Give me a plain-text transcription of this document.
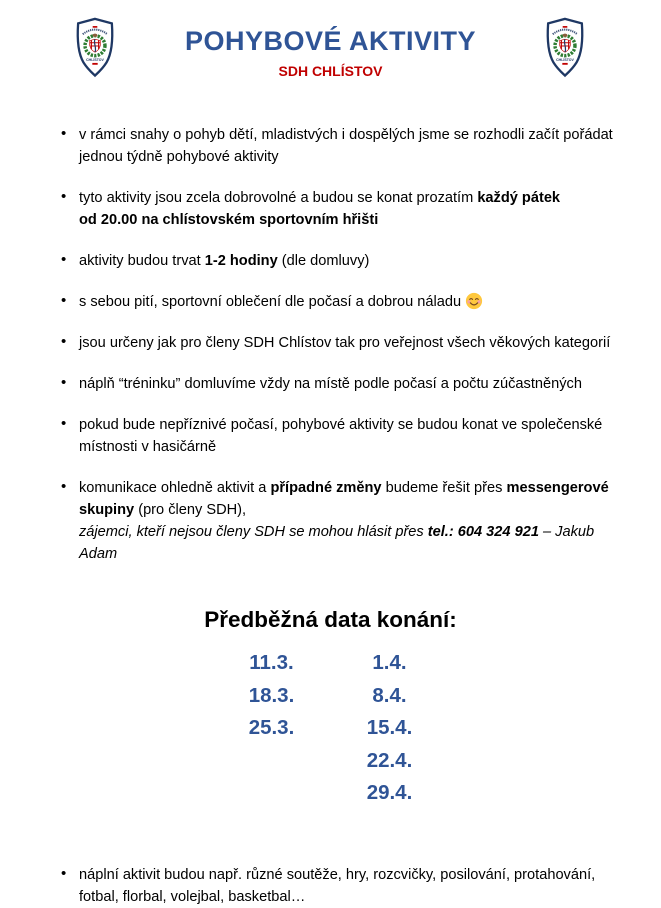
CHLÍSTOV
POHYBOVÉ AKTIVITY
SDH CHLÍSTOV
CHLÍSTOV
• v rámci snahy o pohyb dětí, mladistvých i dospělých jsme se rozhodli začít pořádat
jednou týdně pohybové aktivity
• tyto aktivity jsou zcela dobrovolné a budou se konat prozatím každý pátek
od 20.00 na chlístovském sportovním hřišti
• aktivity budou trvat 1-2 hodiny (dle domluvy)
• s sebou pití, sportovní oblečení dle počasí a dobrou náladu
• jsou určeny jak pro členy SDH Chlístov tak pro veřejnost všech věkových kategorií
• náplň “tréninku” domluvíme vždy na místě podle počasí a počtu zúčastněných
• pokud bude nepříznivé počasí, pohybové aktivity se budou konat ve společenské
místnosti v hasičárně
• komunikace ohledně aktivit a případné změny budeme řešit přes messengerové
skupiny (pro členy SDH),
zájemci, kteří nejsou členy SDH se mohou hlásit přes tel.: 604 324 921 – Jakub Adam
Předběžná data konání:
11.3.
18.3.
25.3.
1.4.
8.4.
15.4.
22.4.
29.4.
• náplní aktivit budou např. různé soutěže, hry, rozcvičky, posilování, protahování,
fotbal, florbal, volejbal, basketbal…
